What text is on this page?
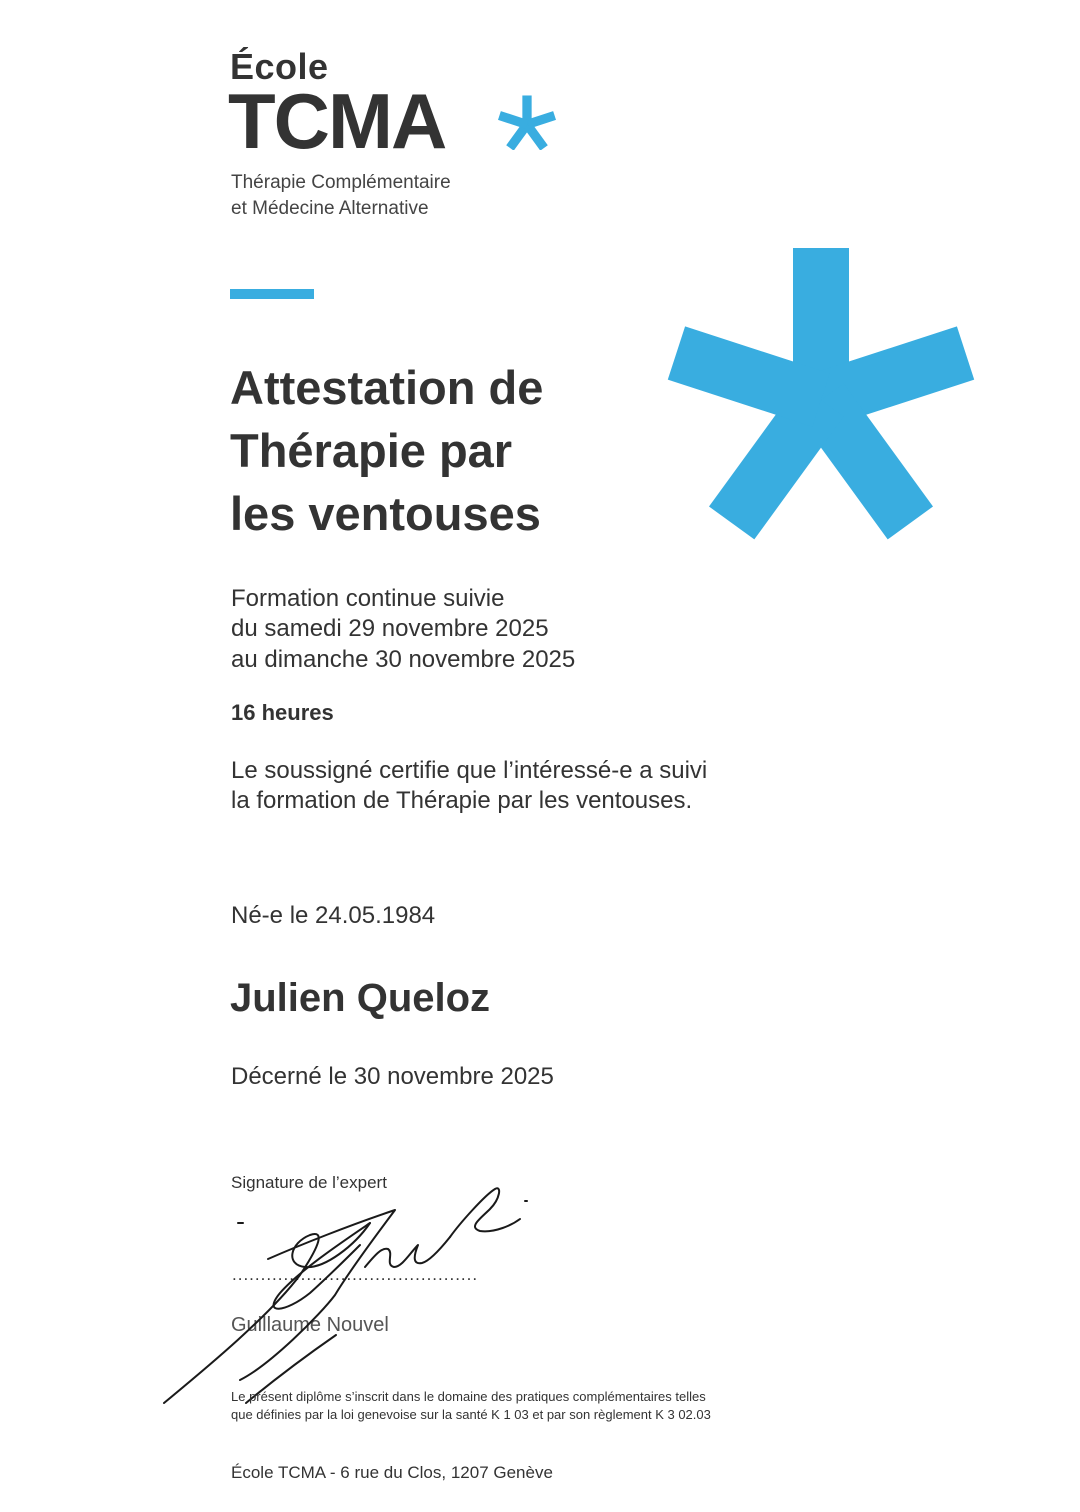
École
TCMA
Thérapie Complémentaire
et Médecine Alternative
Attestation de
Thérapie par
les ventouses
Formation continue suivie
du samedi 29 novembre 2025
au dimanche 30 novembre 2025
16 heures
Le soussigné certifie que l’intéressé-e a suivi
la formation de Thérapie par les ventouses.
Né-e le 24.05.1984
Julien Queloz
Décerné le 30 novembre 2025
Signature de l’expert
...........................................
Guillaume Nouvel
Le présent diplôme s’inscrit dans le domaine des pratiques complémentaires telles
que définies par la loi genevoise sur la santé K 1 03 et par son règlement K 3 02.03
École TCMA - 6 rue du Clos, 1207 Genève
